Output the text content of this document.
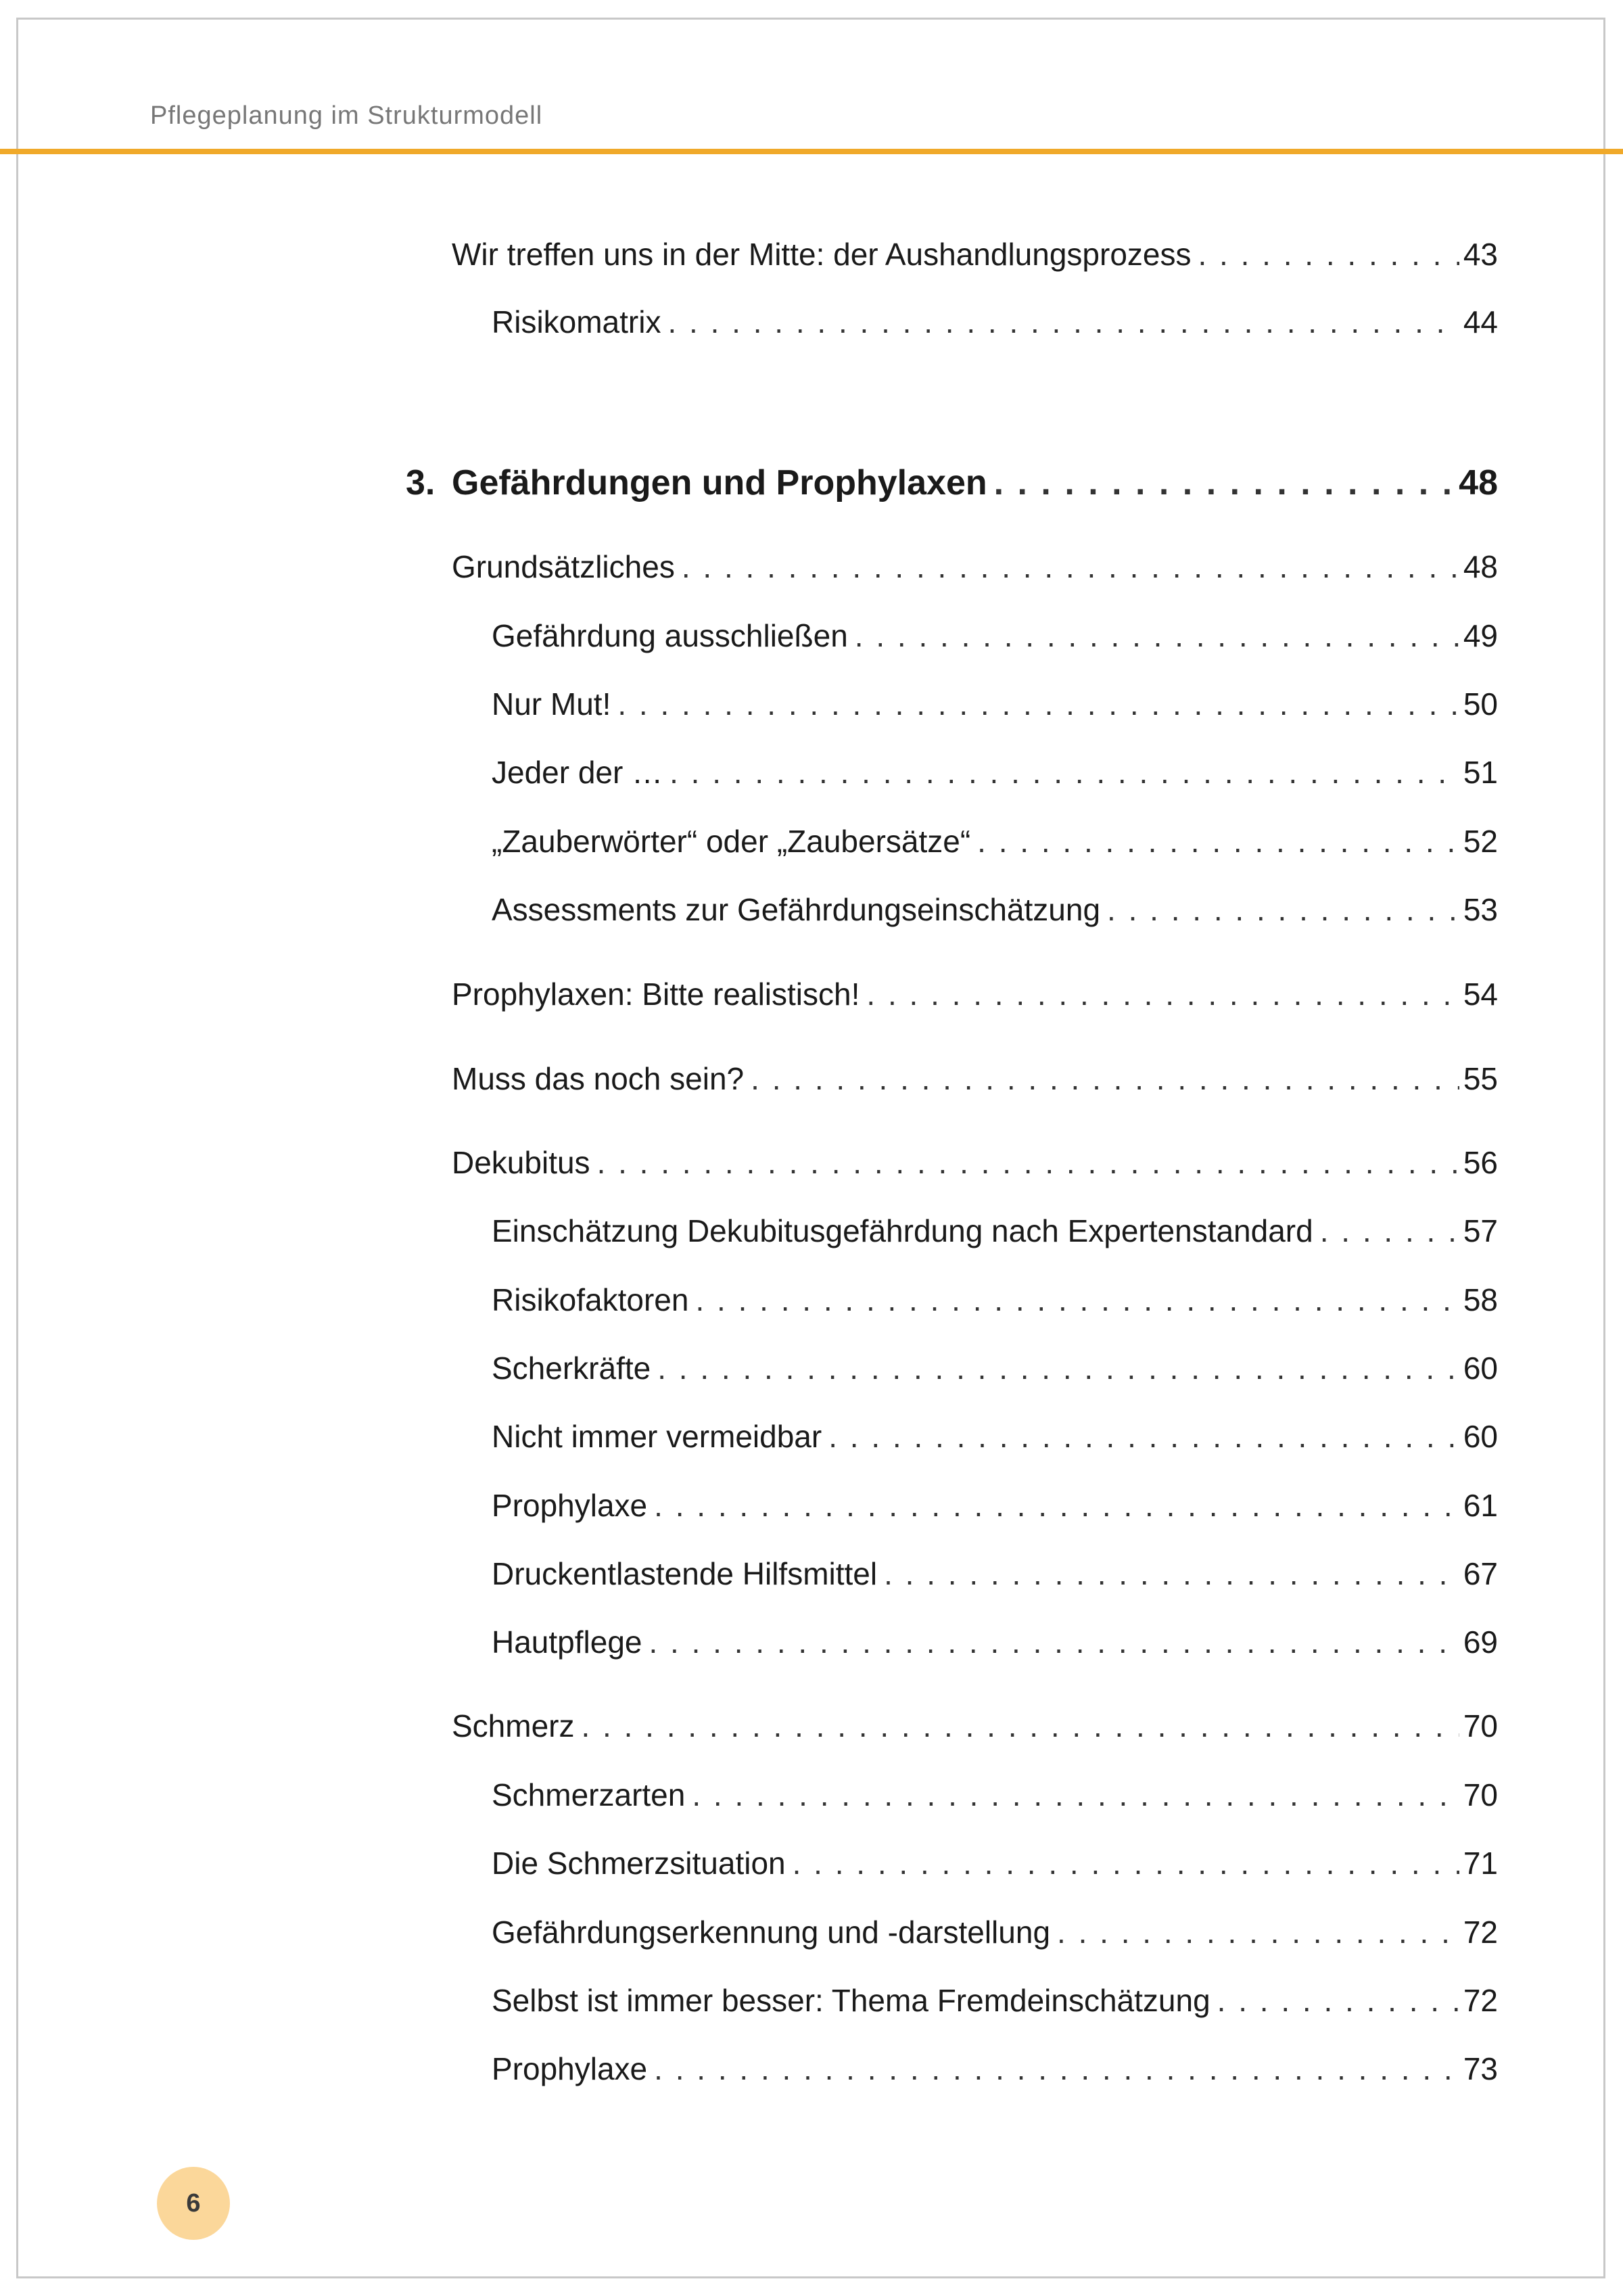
Pflegeplanung im Strukturmodell
Wir treffen uns in der Mitte: der Aushandlungsprozess . . .	43
Risikomatrix . . .	44
3. Gefährdungen und Prophylaxen . . .	48
Grundsätzliches . . .	48
Gefährdung ausschließen . . .	49
Nur Mut! . . .	50
Jeder der … . . .	51
„Zauberwörter“ oder „Zaubersätze“ . . .	52
Assessments zur Gefährdungseinschätzung . . .	53
Prophylaxen: Bitte realistisch! . . .	54
Muss das noch sein? . . .	55
Dekubitus . . .	56
Einschätzung Dekubitusgefährdung nach Expertenstandard . . .	57
Risikofaktoren . . .	58
Scherkräfte . . .	60
Nicht immer vermeidbar . . .	60
Prophylaxe . . .	61
Druckentlastende Hilfsmittel . . .	67
Hautpflege . . .	69
Schmerz . . .	70
Schmerzarten . . .	70
Die Schmerzsituation . . .	71
Gefährdungserkennung und -darstellung . . .	72
Selbst ist immer besser: Thema Fremdeinschätzung . . .	72
Prophylaxe . . .	73
6
